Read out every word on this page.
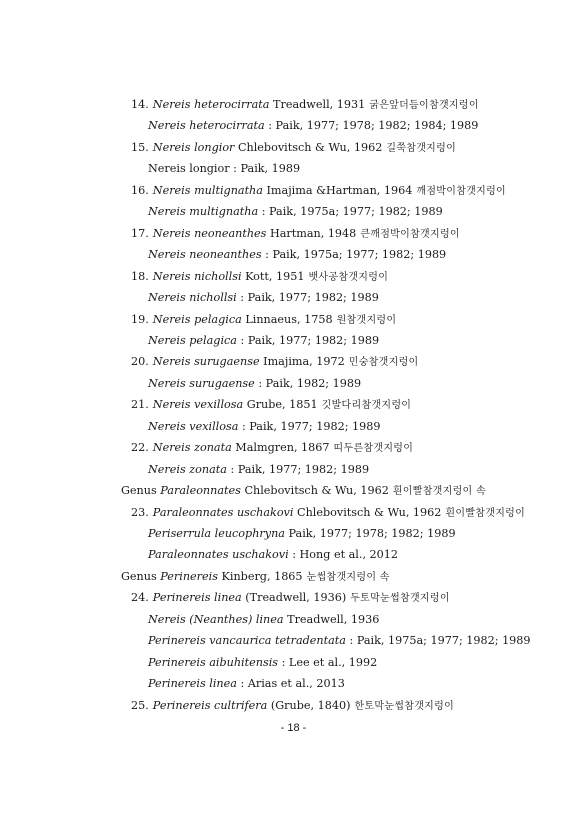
14. Nereis heterocirrata Treadwell, 1931 굵은앞더듬이참갯지렁이
Nereis heterocirrata : Paik, 1977; 1978; 1982; 1984; 1989
15. Nereis longior Chlebovitsch & Wu, 1962 길쭉참갯지렁이
Nereis longior : Paik, 1989
16. Nereis multignatha Imajima &Hartman, 1964 깨점박이참갯지렁이
Nereis multignatha : Paik, 1975a; 1977; 1982; 1989
17. Nereis neoneanthes Hartman, 1948 큰깨점박이참갯지렁이
Nereis neoneanthes : Paik, 1975a; 1977; 1982; 1989
18. Nereis nichollsi Kott, 1951 뱃사공참갯지렁이
Nereis nichollsi : Paik, 1977; 1982; 1989
19. Nereis pelagica Linnaeus, 1758 원참갯지렁이
Nereis pelagica : Paik, 1977; 1982; 1989
20. Nereis surugaense Imajima, 1972 민숭참갯지렁이
Nereis surugaense : Paik, 1982; 1989
21. Nereis vexillosa Grube, 1851 깃발다리참갯지렁이
Nereis vexillosa : Paik, 1977; 1982; 1989
22. Nereis zonata Malmgren, 1867 띠두른참갯지렁이
Nereis zonata : Paik, 1977; 1982; 1989
Genus Paraleonnates Chlebovitsch & Wu, 1962 흰이빨참갯지렁이 속
23. Paraleonnates uschakovi Chlebovitsch & Wu, 1962 흰이빨참갯지렁이
Periserrula leucophryna Paik, 1977; 1978; 1982; 1989
Paraleonnates uschakovi : Hong et al., 2012
Genus Perinereis Kinberg, 1865 눈썹참갯지렁이 속
24. Perinereis linea (Treadwell, 1936) 두토막눈썹참갯지렁이
Nereis (Neanthes) linea Treadwell, 1936
Perinereis vancaurica tetradentata : Paik, 1975a; 1977; 1982; 1989
Perinereis aibuhitensis : Lee et al., 1992
Perinereis linea : Arias et al., 2013
25. Perinereis cultrifera (Grube, 1840) 한토막눈썹참갯지렁이
- 18 -
